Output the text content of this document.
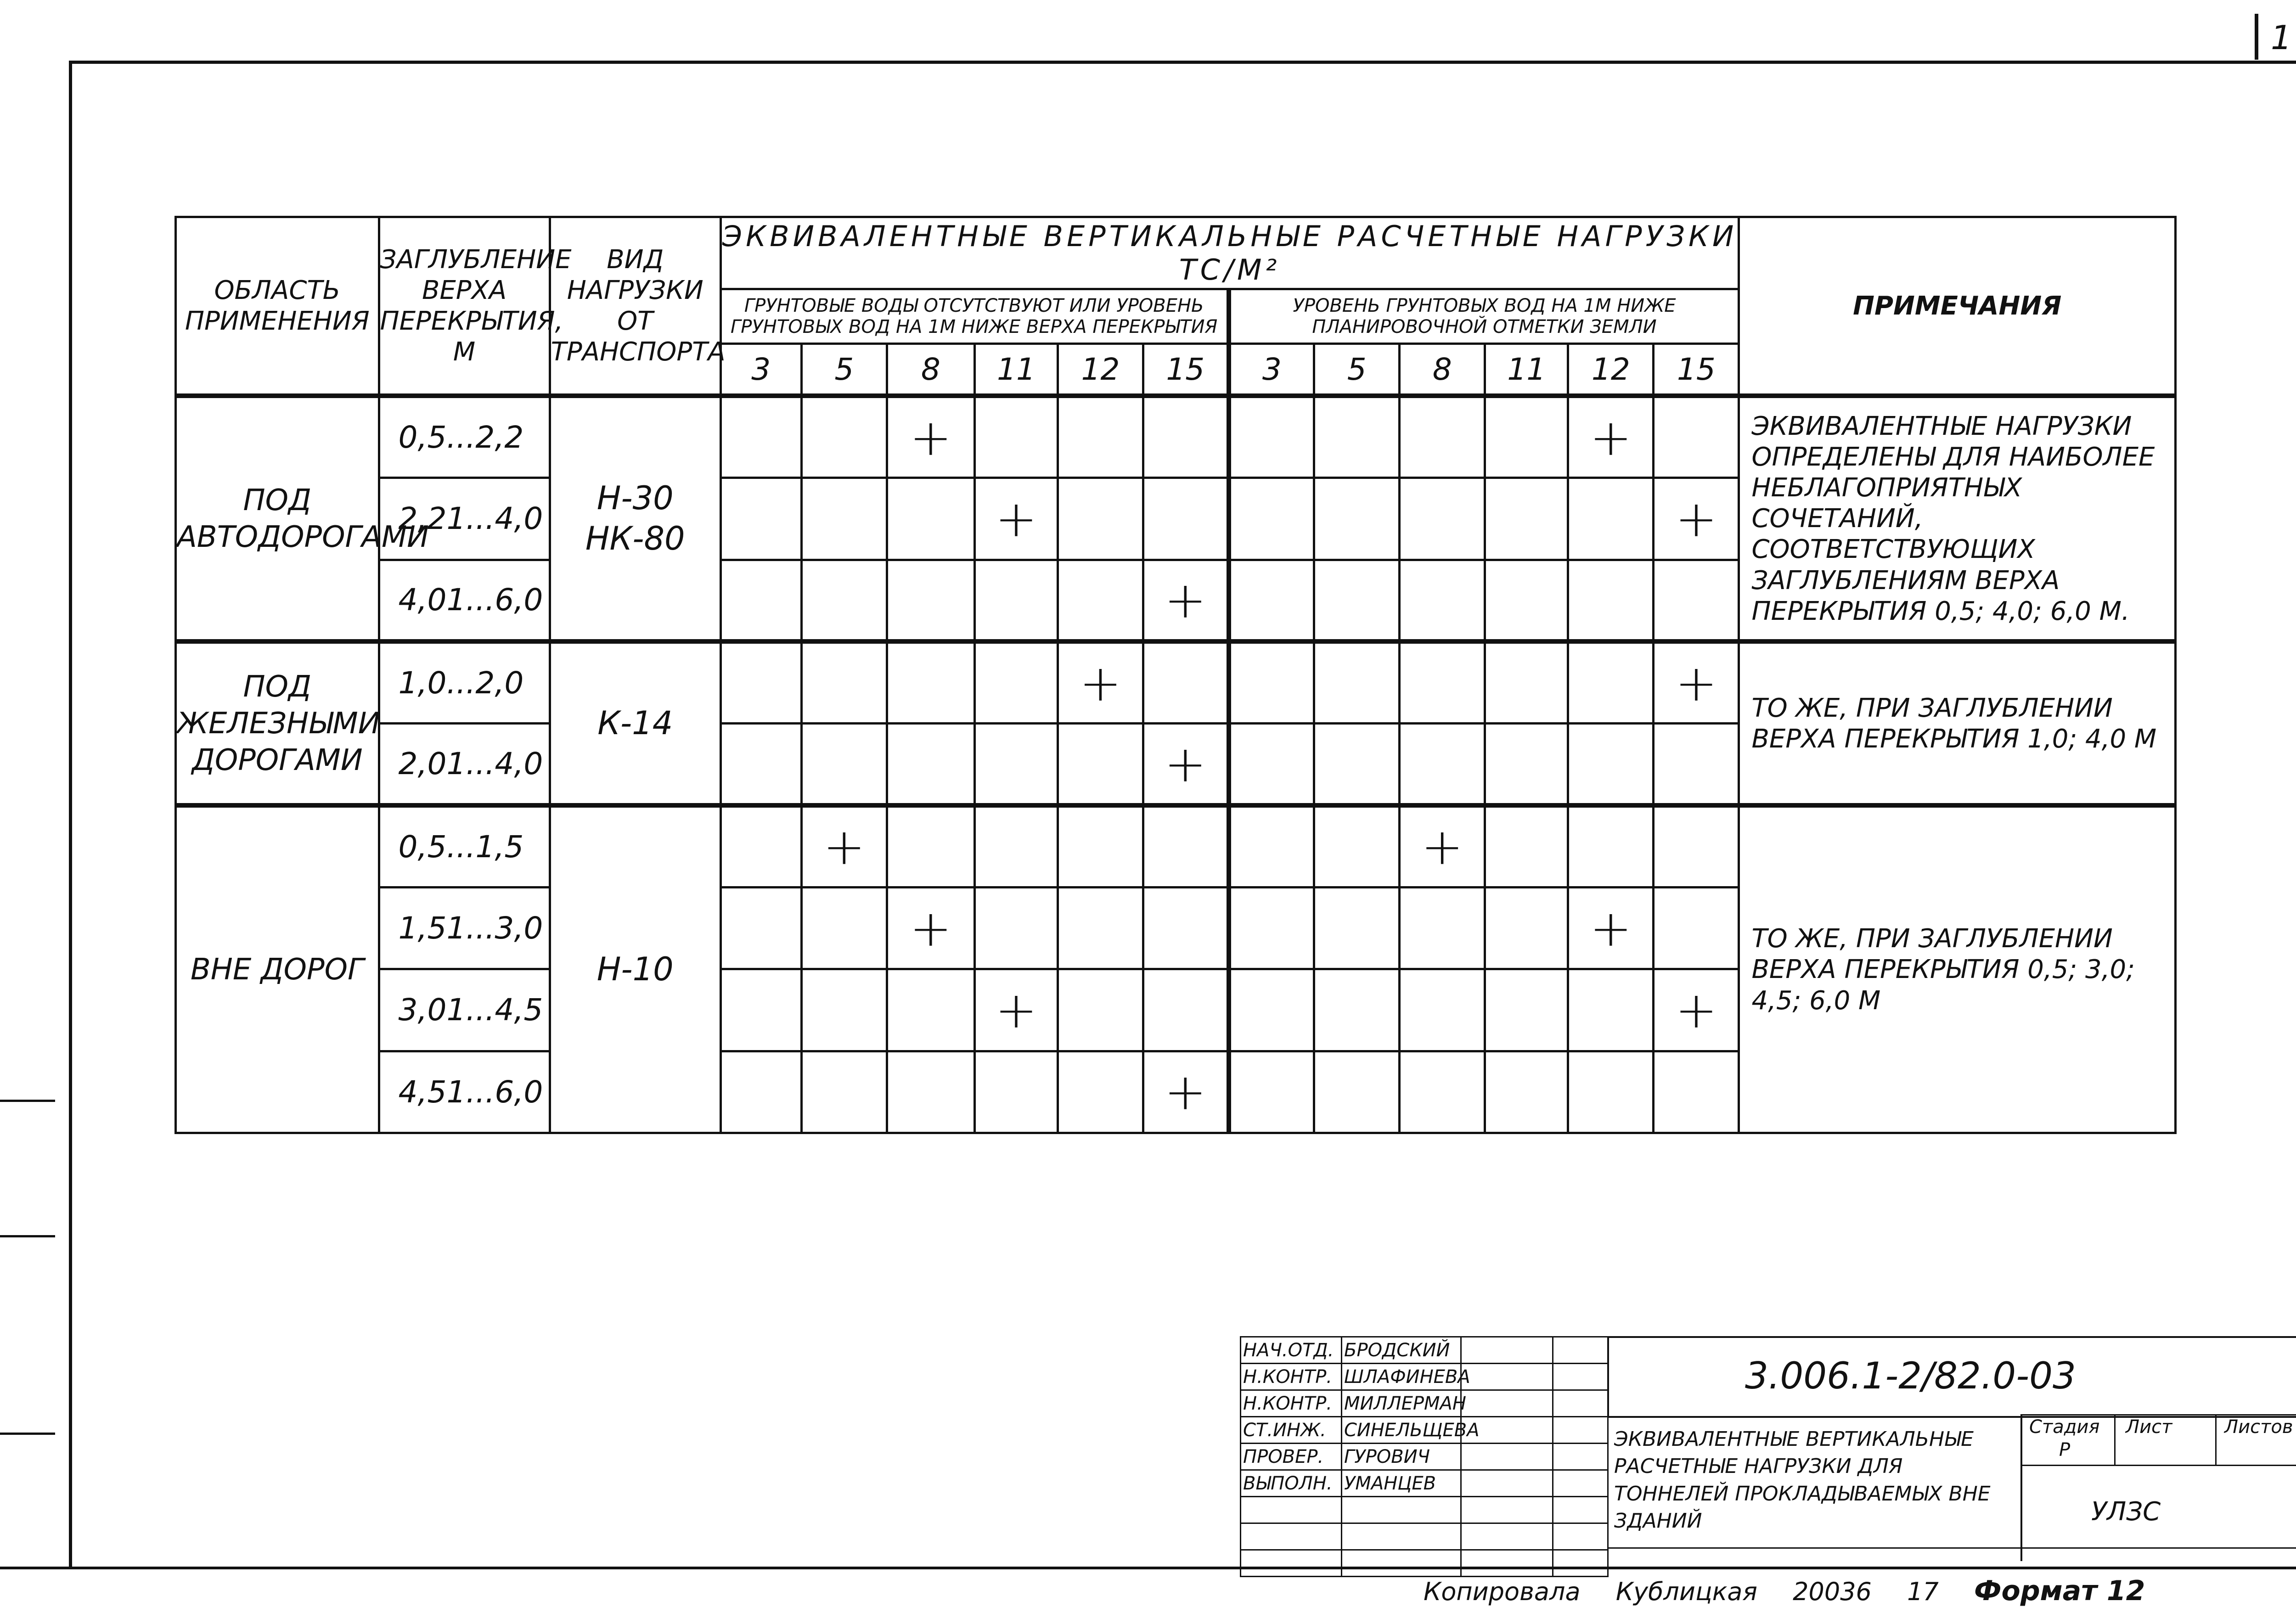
1
ОБЛАСТЬ ПРИМЕНЕНИЯ	ЗАГЛУБЛЕНИЕ ВЕРХА ПЕРЕКРЫТИЯ, М	ВИД НАГРУЗКИ ОТ ТРАНСПОРТА	ЭКВИВАЛЕНТНЫЕ ВЕРТИКАЛЬНЫЕ РАСЧЕТНЫЕ НАГРУЗКИ ТС/М²												ПРИМЕЧАНИЯ
			ГРУНТОВЫЕ ВОДЫ ОТСУТСТВУЮТ ИЛИ УРОВЕНЬ ГРУНТОВЫХ ВОД НА 1М НИЖЕ ВЕРХА ПЕРЕКРЫТИЯ						УРОВЕНЬ ГРУНТОВЫХ ВОД НА 1М НИЖЕ ПЛАНИРОВОЧНОЙ ОТМЕТКИ ЗЕМЛИ						
			3	5	8	11	12	15	3	5	8	11	12	15	
ПОД АВТОДОРОГАМИ	0,5...2,2	Н-30 НК-80			+								+		ЭКВИВАЛЕНТНЫЕ НАГРУЗКИ ОПРЕДЕЛЕНЫ ДЛЯ НАИБОЛЕЕ НЕБЛАГОПРИЯТНЫХ СОЧЕТАНИЙ, СООТВЕТСТВУЮЩИХ ЗАГЛУБЛЕНИЯМ ВЕРХА ПЕРЕКРЫТИЯ 0,5; 4,0; 6,0 М.
	2,21...4,0					+								+	
	4,01...6,0							+							
ПОД ЖЕЛЕЗНЫМИ ДОРОГАМИ	1,0...2,0	К-14					+							+	ТО ЖЕ, ПРИ ЗАГЛУБЛЕНИИ ВЕРХА ПЕРЕКРЫТИЯ 1,0; 4,0 М
	2,01...4,0							+							
ВНЕ ДОРОГ	0,5...1,5	Н-10		+							+				ТО ЖЕ, ПРИ ЗАГЛУБЛЕНИИ ВЕРХА ПЕРЕКРЫТИЯ 0,5; 3,0; 4,5; 6,0 М
	1,51...3,0				+								+		
	3,01...4,5					+								+	
	4,51...6,0							+							
НАЧ.ОТД.	БРОДСКИЙ		
Н.КОНТР.	ШЛАФИНЕВА		
Н.КОНТР.	МИЛЛЕРМАН		
СТ.ИНЖ.	СИНЕЛЬЩЕВА		
ПРОВЕР.	ГУРОВИЧ		
ВЫПОЛН.	УМАНЦЕВ		

3.006.1-2/82.0-03
ЭКВИВАЛЕНТНЫЕ ВЕРТИКАЛЬНЫЕ РАСЧЕТНЫЕ НАГРУЗКИ ДЛЯ ТОННЕЛЕЙ ПРОКЛАДЫВАЕМЫХ ВНЕ ЗДАНИЙ
Стадия Лист	Листов
Р
УЛЗС
Копировала Кублицкая 20036 17 Формат 12
